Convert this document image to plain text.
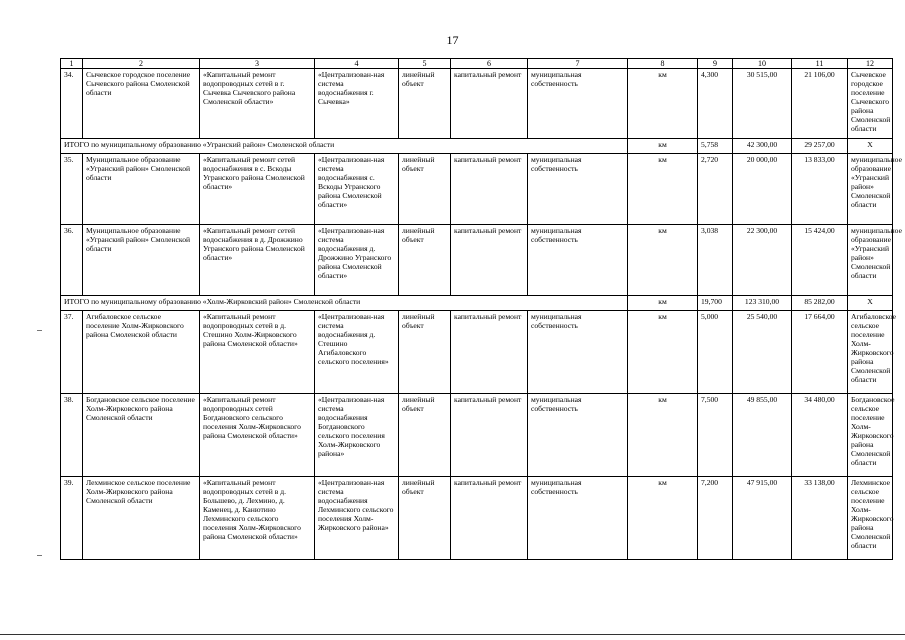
17
1	2	3	4	5	6	7	8	9	10	11	12
34.	Сычевское городское поселение Сычевского района Смоленской области	«Капитальный ремонт водопроводных сетей в г. Сычевка Сычевского района Смоленской области»	«Централизован-ная система водоснабжения г. Сычевка»	линейный объект	капитальный ремонт	муниципальная собственность	км	4,300	30 515,00	21 106,00	Сычевское городское поселение Сычевского района Смоленской области
ИТОГО по муниципальному образованию «Угранский район» Смоленской области							км	5,758	42 300,00	29 257,00	X
35.	Муниципальное образование «Угранский район» Смоленской области	«Капитальный ремонт сетей водоснабжения в с. Вскоды Угранского района Смоленской области»	«Централизован-ная система водоснабжения с. Вскоды Угранского района Смоленской области»	линейный объект	капитальный ремонт	муниципальная собственность	км	2,720	20 000,00	13 833,00	муниципальное образование «Угранский район» Смоленской области
36.	Муниципальное образование «Угранский район» Смоленской области	«Капитальный ремонт сетей водоснабжения в д. Дрожжино Угранского района Смоленской области»	«Централизован-ная система водоснабжения д. Дрожжино Угранского района Смоленской области»	линейный объект	капитальный ремонт	муниципальная собственность	км	3,038	22 300,00	15 424,00	муниципальное образование «Угранский район» Смоленской области
ИТОГО по муниципальному образованию «Холм-Жирковский район» Смоленской области							км	19,700	123 310,00	85 282,00	X
37.	Агибаловское сельское поселение Холм-Жирковского района Смоленской области	«Капитальный ремонт водопроводных сетей в д. Стешино Холм-Жирковского района Смоленской области»	«Централизован-ная система водоснабжения д. Стешино Агибаловского сельского поселения»	линейный объект	капитальный ремонт	муниципальная собственность	км	5,000	25 540,00	17 664,00	Агибаловское сельское поселение Холм-Жирковского района Смоленской области
38.	Богдановское сельское поселение Холм-Жирковского района Смоленской области	«Капитальный ремонт водопроводных сетей Богдановского сельского поселения Холм-Жирковского района Смоленской области»	«Централизован-ная система водоснабжения Богдановского сельского поселения Холм-Жирковского района»	линейный объект	капитальный ремонт	муниципальная собственность	км	7,500	49 855,00	34 480,00	Богдановское сельское поселение Холм-Жирковского района Смоленской области
39.	Лехминское сельское поселение Холм-Жирковского района Смоленской области	«Капитальный ремонт водопроводных сетей в д. Большево, д. Лехмино, д. Каменец, д. Канютино Лехминского сельского поселения Холм-Жирковского района Смоленской области»	«Централизован-ная система водоснабжения Лехминского сельского поселения Холм-Жирковского района»	линейный объект	капитальный ремонт	муниципальная собственность	км	7,200	47 915,00	33 138,00	Лехминское сельское поселение Холм-Жирковского района Смоленской области
